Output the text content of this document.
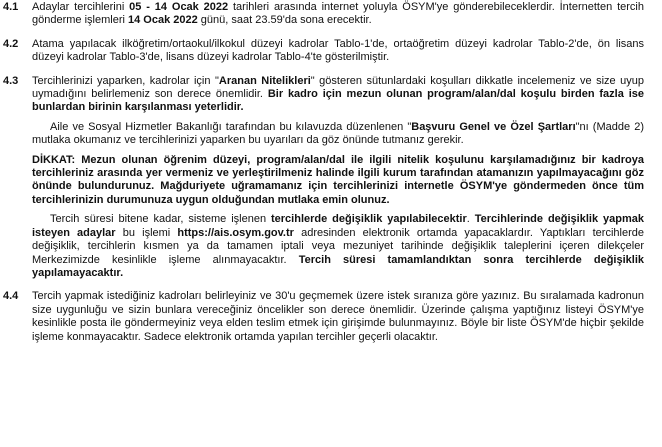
4.1 Adaylar tercihlerini 05 - 14 Ocak 2022 tarihleri arasında internet yoluyla ÖSYM'ye gönderebileceklerdir. İnternetten tercih gönderme işlemleri 14 Ocak 2022 günü, saat 23.59'da sona erecektir.

4.2 Atama yapılacak ilköğretim/ortaokul/ilkokul düzeyi kadrolar Tablo-1'de, ortaöğretim düzeyi kadrolar Tablo-2'de, ön lisans düzeyi kadrolar Tablo-3'de, lisans düzeyi kadrolar Tablo-4'te gösterilmiştir.

4.3 Tercihlerinizi yaparken, kadrolar için "Aranan Nitelikleri" gösteren sütunlardaki koşulları dikkatle incelemeniz ve size uyup uymadığını belirlemeniz son derece önemlidir. Bir kadro için mezun olunan program/alan/dal koşulu birden fazla ise bunlardan birinin karşılanması yeterlidir.

Aile ve Sosyal Hizmetler Bakanlığı tarafından bu kılavuzda düzenlenen "Başvuru Genel ve Özel Şartları"nı (Madde 2) mutlaka okumanız ve tercihlerinizi yaparken bu uyarıları da göz önünde tutmanız gerekir.

DİKKAT: Mezun olunan öğrenim düzeyi, program/alan/dal ile ilgili nitelik koşulunu karşılamadığınız bir kadroya tercihleriniz arasında yer vermeniz ve yerleştirilmeniz halinde ilgili kurum tarafından atamanızın yapılmayacağını göz önünde bulundurunuz. Mağduriyete uğramamanız için tercihlerinizi internetle ÖSYM'ye göndermeden önce tüm tercihlerinizin durumunuza uygun olduğundan mutlaka emin olunuz.

Tercih süresi bitene kadar, sisteme işlenen tercihlerde değişiklik yapılabilecektir. Tercihlerinde değişiklik yapmak isteyen adaylar bu işlemi https://ais.osym.gov.tr adresinden elektronik ortamda yapacaklardır. Yaptıkları tercihlerde değişiklik, tercihlerin kısmen ya da tamamen iptali veya mezuniyet tarihinde değişiklik taleplerini içeren dilekçeler Merkezimizde kesinlikle işleme alınmayacaktır. Tercih süresi tamamlandıktan sonra tercihlerde değişiklik yapılamayacaktır.

4.4 Tercih yapmak istediğiniz kadroları belirleyiniz ve 30'u geçmemek üzere istek sıranıza göre yazınız. Bu sıralamada kadronun size uygunluğu ve sizin bunlara vereceğiniz öncelikler son derece önemlidir. Üzerinde çalışma yaptığınız listeyi ÖSYM'ye kesinlikle posta ile göndermeyiniz veya elden teslim etmek için girişimde bulunmayınız. Böyle bir liste ÖSYM'de hiçbir şekilde işleme konmayacaktır. Sadece elektronik ortamda yapılan tercihler geçerli olacaktır.
